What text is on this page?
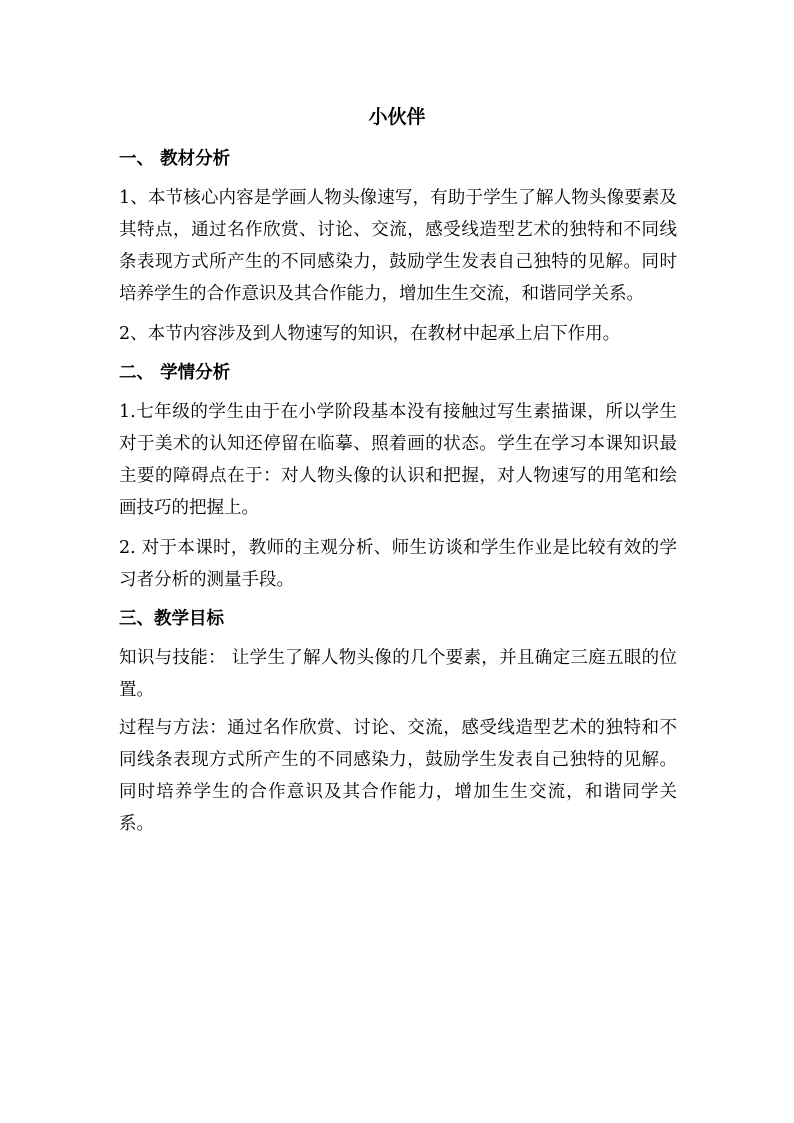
小伙伴
一、 教材分析

1、本节核心内容是学画人物头像速写，有助于学生了解人物头像要素及其特点，通过名作欣赏、讨论、交流，感受线造型艺术的独特和不同线条表现方式所产生的不同感染力，鼓励学生发表自己独特的见解。同时培养学生的合作意识及其合作能力，增加生生交流，和谐同学关系。

2、本节内容涉及到人物速写的知识，在教材中起承上启下作用。

二、 学情分析

1.七年级的学生由于在小学阶段基本没有接触过写生素描课，所以学生对于美术的认知还停留在临摹、照着画的状态。学生在学习本课知识最主要的障碍点在于：对人物头像的认识和把握，对人物速写的用笔和绘画技巧的把握上。

2. 对于本课时，教师的主观分析、师生访谈和学生作业是比较有效的学习者分析的测量手段。

三、教学目标

知识与技能： 让学生了解人物头像的几个要素，并且确定三庭五眼的位置。

过程与方法：通过名作欣赏、讨论、交流，感受线造型艺术的独特和不同线条表现方式所产生的不同感染力，鼓励学生发表自己独特的见解。同时培养学生的合作意识及其合作能力，增加生生交流，和谐同学关系。
